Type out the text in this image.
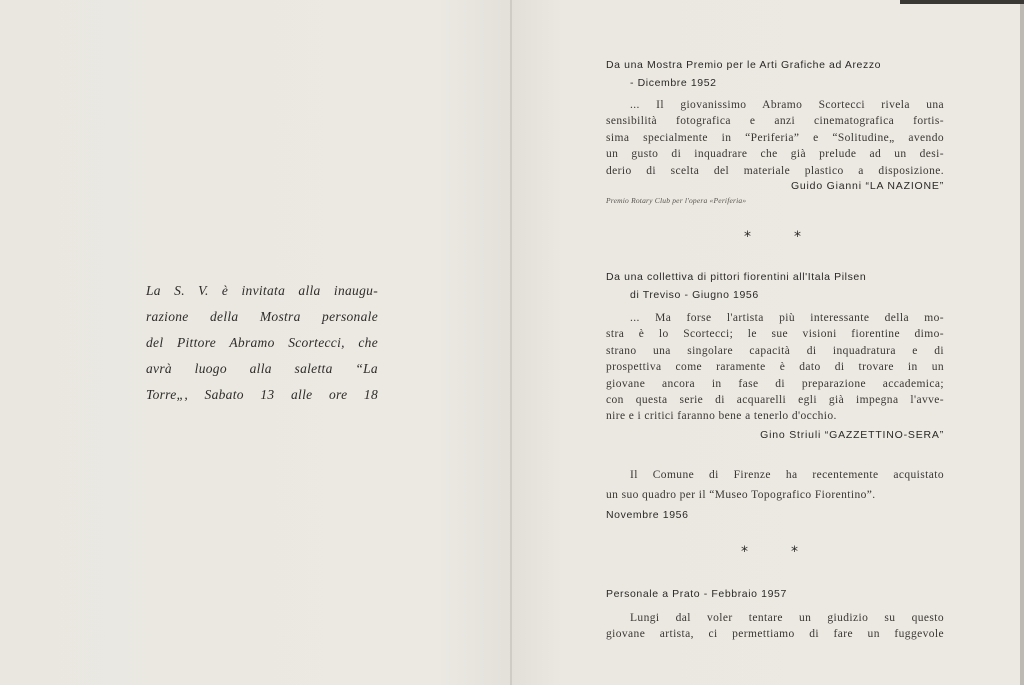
La S. V. è invitata alla inaugu-
razione della Mostra personale
del Pittore Abramo Scortecci, che
avrà luogo alla saletta “La
Torre„, Sabato 13 alle ore 18
Da una Mostra Premio per le Arti Grafiche ad Arezzo
- Dicembre 1952
... Il giovanissimo Abramo Scortecci rivela una
sensibilità fotografica e anzi cinematografica fortis-
sima specialmente in “Periferia” e “Solitudine„ avendo
un gusto di inquadrare che già prelude ad un desi-
derio di scelta del materiale plastico a disposizione.
Guido Gianni “LA NAZIONE”
Premio Rotary Club per l'opera «Periferia»
*	*
Da una collettiva di pittori fiorentini all'Itala Pilsen
di Treviso - Giugno 1956
... Ma forse l'artista più interessante della mo-
stra è lo Scortecci; le sue visioni fiorentine dimo-
strano una singolare capacità di inquadratura e di
prospettiva come raramente è dato di trovare in un
giovane ancora in fase di preparazione accademica;
con questa serie di acquarelli egli già impegna l'avve-
nire e i critici faranno bene a tenerlo d'occhio.
Gino Striuli “GAZZETTINO-SERA”
Il Comune di Firenze ha recentemente acquistato
un suo quadro per il “Museo Topografico Fiorentino”.
Novembre 1956
*	*
Personale a Prato - Febbraio 1957
Lungi dal voler tentare un giudizio su questo
giovane artista, ci permettiamo di fare un fuggevole
